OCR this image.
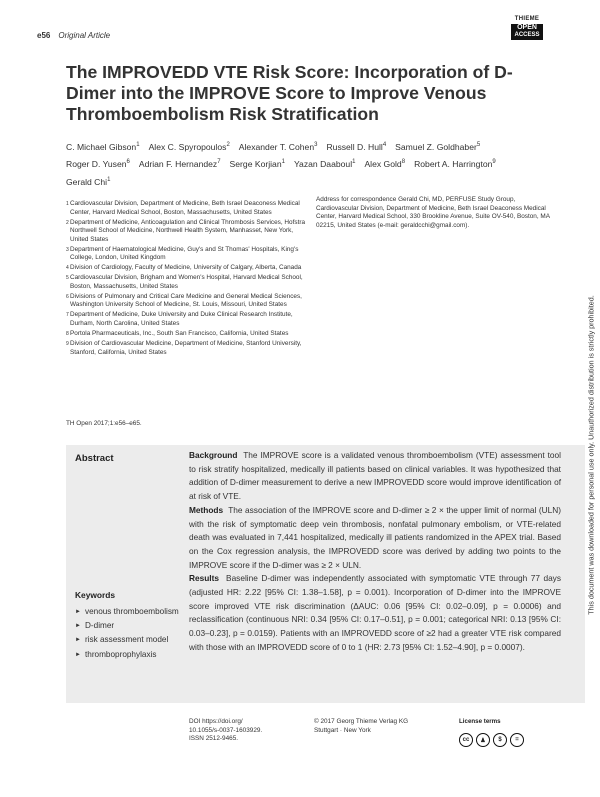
e56 Original Article
THIEME
OPEN
ACCESS
The IMPROVEDD VTE Risk Score: Incorporation of D-Dimer into the IMPROVE Score to Improve Venous Thromboembolism Risk Stratification
C. Michael Gibson$^1$ Alex C. Spyropoulos$^2$ Alexander T. Cohen$^3$ Russell D. Hull$^4$ Samuel Z. Goldhaber$^5$Roger D. Yusen$^6$ Adrian F. Hernandez$^7$ Serge Korjian$^1$ Yazan Daaboul$^1$ Alex Gold$^8$ Robert A. Harrington$^9$Gerald Chi$^1$
1 Cardiovascular Division, Department of Medicine, Beth Israel Deaconess Medical Center, Harvard Medical School, Boston, Massachusetts, United States
2 Department of Medicine, Anticoagulation and Clinical Thrombosis Services, Hofstra Northwell School of Medicine, Northwell Health System, Manhasset, New York, United States
3 Department of Haematological Medicine, Guy's and St Thomas' Hospitals, King's College, London, United Kingdom
4 Division of Cardiology, Faculty of Medicine, University of Calgary, Alberta, Canada
5 Cardiovascular Division, Brigham and Women's Hospital, Harvard Medical School, Boston, Massachusetts, United States
6 Divisions of Pulmonary and Critical Care Medicine and General Medical Sciences, Washington University School of Medicine, St. Louis, Missouri, United States
7 Department of Medicine, Duke University and Duke Clinical Research Institute, Durham, North Carolina, United States
8 Portola Pharmaceuticals, Inc., South San Francisco, California, United States
9 Division of Cardiovascular Medicine, Department of Medicine, Stanford University, Stanford, California, United States
Address for correspondence Gerald Chi, MD, PERFUSE Study Group, Cardiovascular Division, Department of Medicine, Beth Israel Deaconess Medical Center, Harvard Medical School, 330 Brookline Avenue, Suite OV-540, Boston, MA 02215, United States (e-mail: geraldcchi@gmail.com).
TH Open 2017;1:e56–e65.
Abstract	Background The IMPROVE score is a validated venous thromboembolism (VTE) assessment tool to risk stratify hospitalized, medically ill patients based on clinical variables. It was hypothesized that addition of D-dimer measurement to derive a new IMPROVEDD score would improve identification of at risk of VTE.

Methods The association of the IMPROVE score and D-dimer ≥ 2 × the upper limit of normal (ULN) with the risk of symptomatic deep vein thrombosis, nonfatal pulmonary embolism, or VTE-related death was evaluated in 7,441 hospitalized, medically ill patients randomized in the APEX trial. Based on the Cox regression analysis, the IMPROVEDD score was derived by adding two points to the IMPROVE score if the D-dimer was ≥ 2 × ULN.

Results Baseline D-dimer was independently associated with symptomatic VTE through 77 days (adjusted HR: 2.22 [95% CI: 1.38–1.58], p = 0.001). Incorporation of D-dimer into the IMPROVE score improved VTE risk discrimination (ΔAUC: 0.06 [95% CI: 0.02–0.09], p = 0.0006) and reclassification (continuous NRI: 0.34 [95% CI: 0.17–0.51], p = 0.001; categorical NRI: 0.13 [95% CI: 0.03–0.23], p = 0.0159). Patients with an IMPROVEDD score of ≥2 had a greater VTE risk compared with those with an IMPROVEDD score of 0 to 1 (HR: 2.73 [95% CI: 1.52–4.90], p = 0.0007).

Keywords
► venous thromboembolism
► D-dimer
► risk assessment model
► thromboprophylaxis
DOI https://doi.org/
10.1055/s-0037-1603929.
ISSN 2512-9465.
© 2017 Georg Thieme Verlag KG
Stuttgart · New York
License terms
cc	♟	$	=
This document was downloaded for personal use only. Unauthorized distribution is strictly prohibited.
